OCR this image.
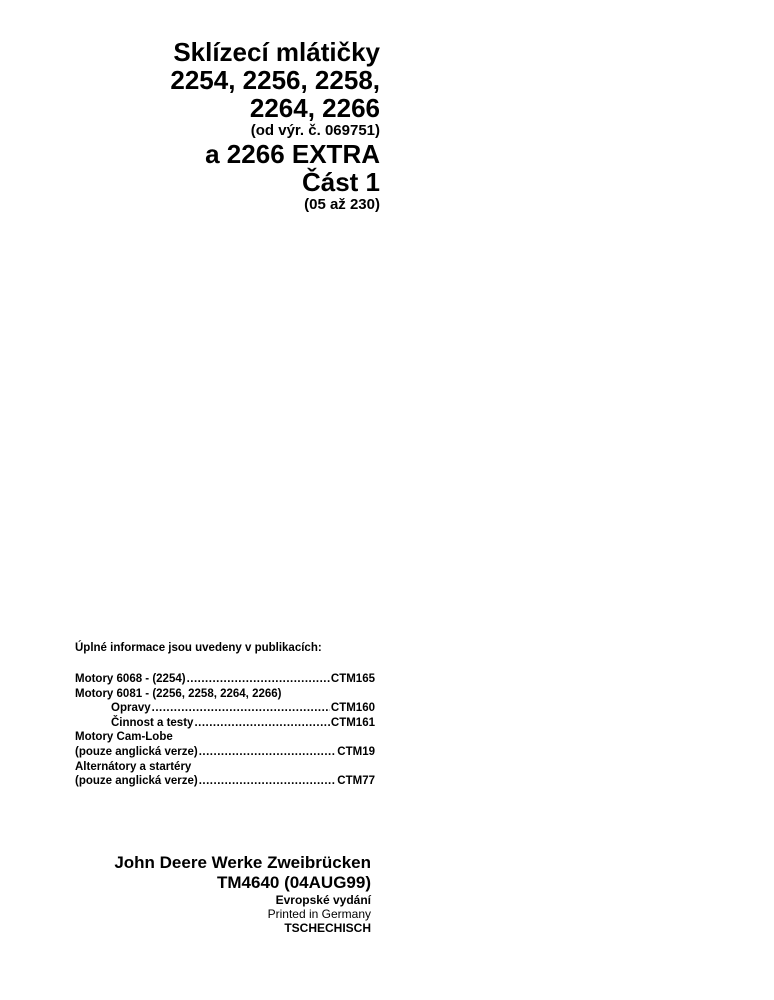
Sklízecí mlátičky
2254, 2256, 2258,
2264, 2266
(od výr. č. 069751)
a 2266 EXTRA
Část 1
(05 až 230)
Úplné informace jsou uvedeny v publikacích:
Motory 6068 - (2254) .....	CTM165
Motory 6081 - (2256, 2258, 2264, 2266)
Opravy .....	CTM160
Činnost a testy .....	CTM161
Motory Cam-Lobe
(pouze anglická verze) .....	CTM19
Alternátory a startéry
(pouze anglická verze) .....	CTM77
John Deere Werke Zweibrücken
TM4640 (04AUG99)
Evropské vydání
Printed in Germany
TSCHECHISCH
